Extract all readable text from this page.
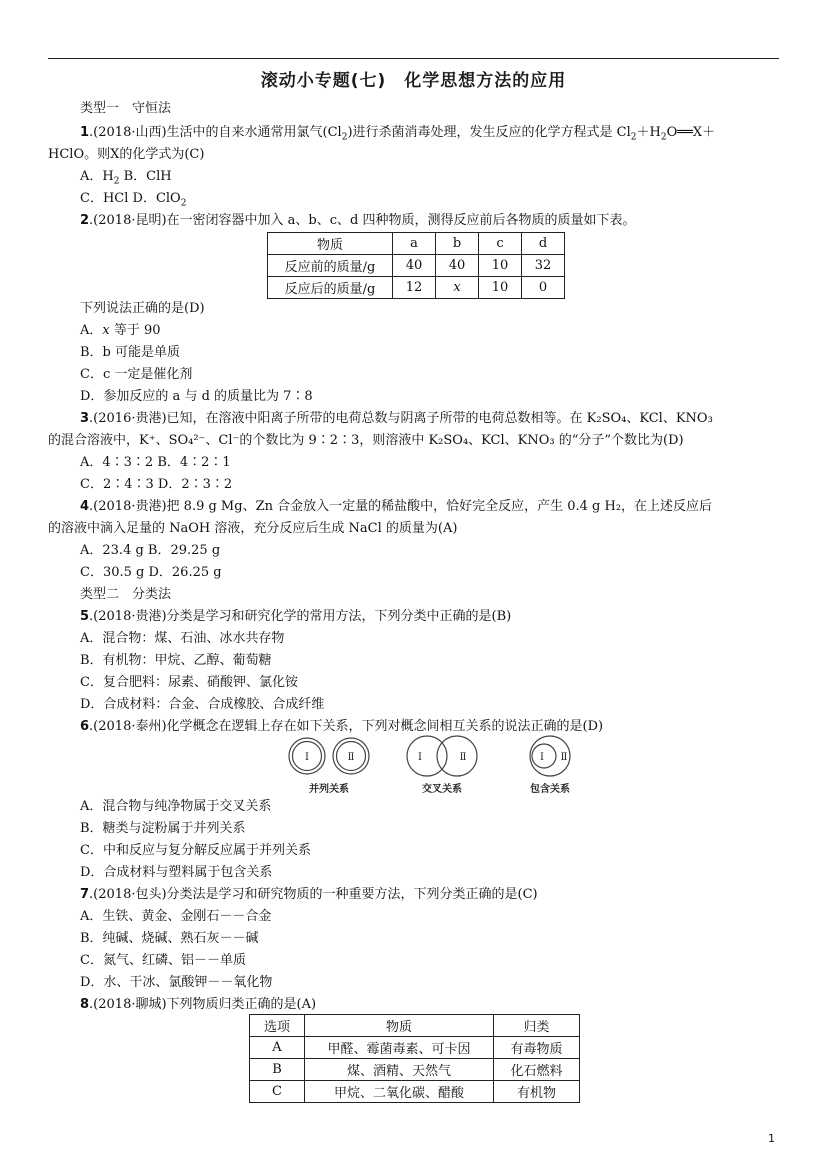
滚动小专题(七)　化学思想方法的应用
类型一　守恒法
1.(2018·山西)生活中的自来水通常用氯气$(Cl_2)$进行杀菌消毒处理，发生反应的化学方程式是 $Cl_2+H_2O══X+$
HClO。则X的化学式为(C)
A．$H_2$ B．ClH
C．HCl D．ClO$_2$
2.(2018·昆明)在一密闭容器中加入 a、b、c、d 四种物质，测得反应前后各物质的质量如下表。
物质	a	b	c	d
反应前的质量/g	40	40	10	32
反应后的质量/g	12	x	10	0
下列说法正确的是(D)
A．x 等于 90
B．b 可能是单质
C．c 一定是催化剂
D．参加反应的 a 与 d 的质量比为 7∶8
3.(2016·贵港)已知，在溶液中阳离子所带的电荷总数与阴离子所带的电荷总数相等。在 K₂SO₄、KCl、KNO₃
的混合溶液中，K⁺、SO₄²⁻、Cl⁻的个数比为 9∶2∶3，则溶液中 K₂SO₄、KCl、KNO₃ 的“分子”个数比为(D)
A．4∶3∶2 B．4∶2∶1
C．2∶4∶3 D．2∶3∶2
4.(2018·贵港)把 8.9 g Mg、Zn 合金放入一定量的稀盐酸中，恰好完全反应，产生 0.4 g H₂，在上述反应后
的溶液中滴入足量的 NaOH 溶液，充分反应后生成 NaCl 的质量为(A)
A．23.4 g B．29.25 g
C．30.5 g D．26.25 g
类型二　分类法
5.(2018·贵港)分类是学习和研究化学的常用方法，下列分类中正确的是(B)
A．混合物：煤、石油、冰水共存物
B．有机物：甲烷、乙醇、葡萄糖
C．复合肥料：尿素、硝酸钾、氯化铵
D．合成材料：合金、合成橡胶、合成纤维
6.(2018·泰州)化学概念在逻辑上存在如下关系，下列对概念间相互关系的说法正确的是(D)
Ⅰ	Ⅱ	Ⅰ	Ⅱ	Ⅰ Ⅱ
并列关系	交叉关系	包含关系
A．混合物与纯净物属于交叉关系
B．糖类与淀粉属于并列关系
C．中和反应与复分解反应属于并列关系
D．合成材料与塑料属于包含关系
7.(2018·包头)分类法是学习和研究物质的一种重要方法，下列分类正确的是(C)
A．生铁、黄金、金刚石－－合金
B．纯碱、烧碱、熟石灰－－碱
C．氮气、红磷、铝－－单质
D．水、干冰、氯酸钾－－氧化物
8.(2018·聊城)下列物质归类正确的是(A)
选项	物质	归类
A	甲醛、霉菌毒素、可卡因	有毒物质
B	煤、酒精、天然气	化石燃料
C	甲烷、二氧化碳、醋酸	有机物
1
